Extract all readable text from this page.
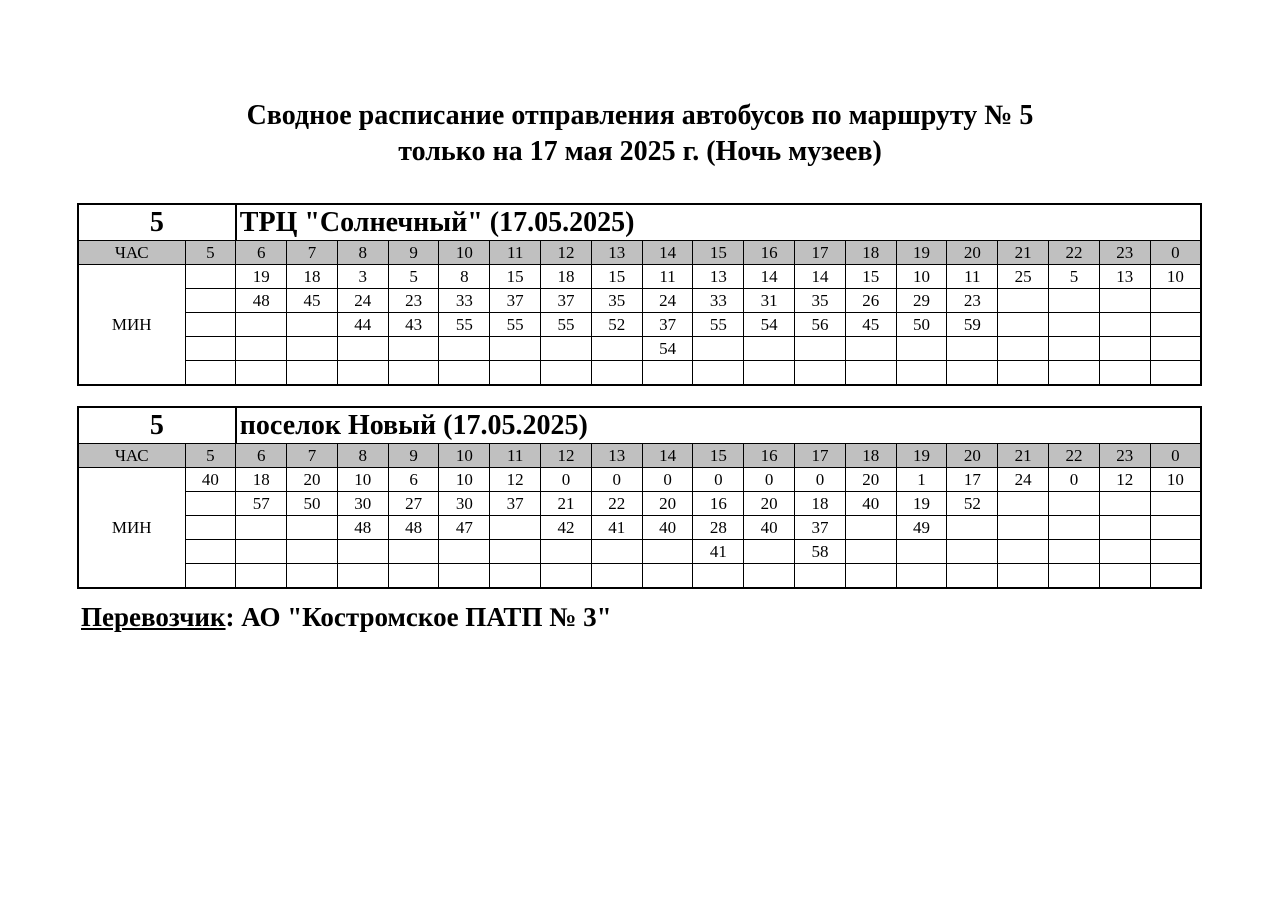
Сводное расписание отправления автобусов по маршруту № 5
только на 17 мая 2025 г. (Ночь музеев)
5		ТРЦ "Солнечный" (17.05.2025)																		
ЧАС	5	6	7	8	9	10	11	12	13	14	15	16	17	18	19	20	21	22	23	0
МИН		19	18	3	5	8	15	18	15	11	13	14	14	15	10	11	25	5	13	10
		48	45	24	23	33	37	37	35	24	33	31	35	26	29	23				
				44	43	55	55	55	52	37	55	54	56	45	50	59				
										54										

5		поселок Новый (17.05.2025)																		
ЧАС	5	6	7	8	9	10	11	12	13	14	15	16	17	18	19	20	21	22	23	0
МИН	40	18	20	10	6	10	12	0	0	0	0	0	0	20	1	17	24	0	12	10
		57	50	30	27	30	37	21	22	20	16	20	18	40	19	52				
				48	48	47		42	41	40	28	40	37		49					
											41		58							

Перевозчик: АО "Костромское ПАТП № 3"
